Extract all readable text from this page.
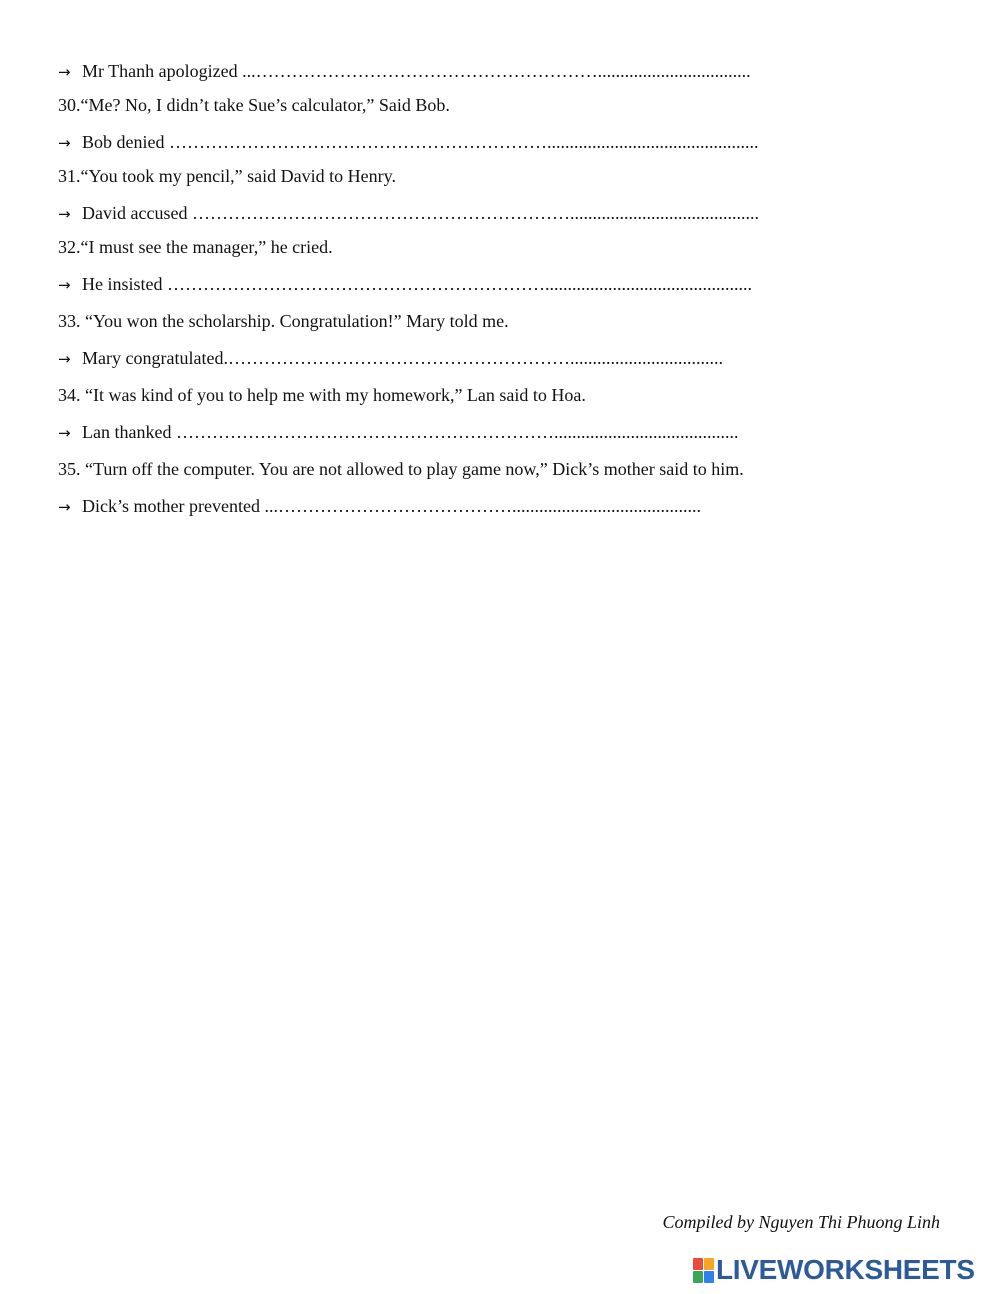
→ Mr Thanh apologized ...…………………………………………………..................................
30.“Me? No, I didn’t take Sue’s calculator,” Said Bob.
→ Bob denied ………………………………………………………...............................................
31.“You took my pencil,” said David to Henry.
→ David accused ………………………………………………………..........................................
32.“I must see the manager,” he cried.
→ He insisted ………………………………………………………..............................................
33. “You won the scholarship. Congratulation!” Mary told me.
→ Mary congratulated.…………………………………………………..................................
34. “It was kind of you to help me with my homework,” Lan said to Hoa.
→ Lan thanked ……………………………………………………….........................................
35. “Turn off the computer. You are not allowed to play game now,” Dick’s mother said to him.
→ Dick’s mother prevented ...…………………………………..........................................
Compiled by Nguyen Thi Phuong Linh
LIVEWORKSHEETS
